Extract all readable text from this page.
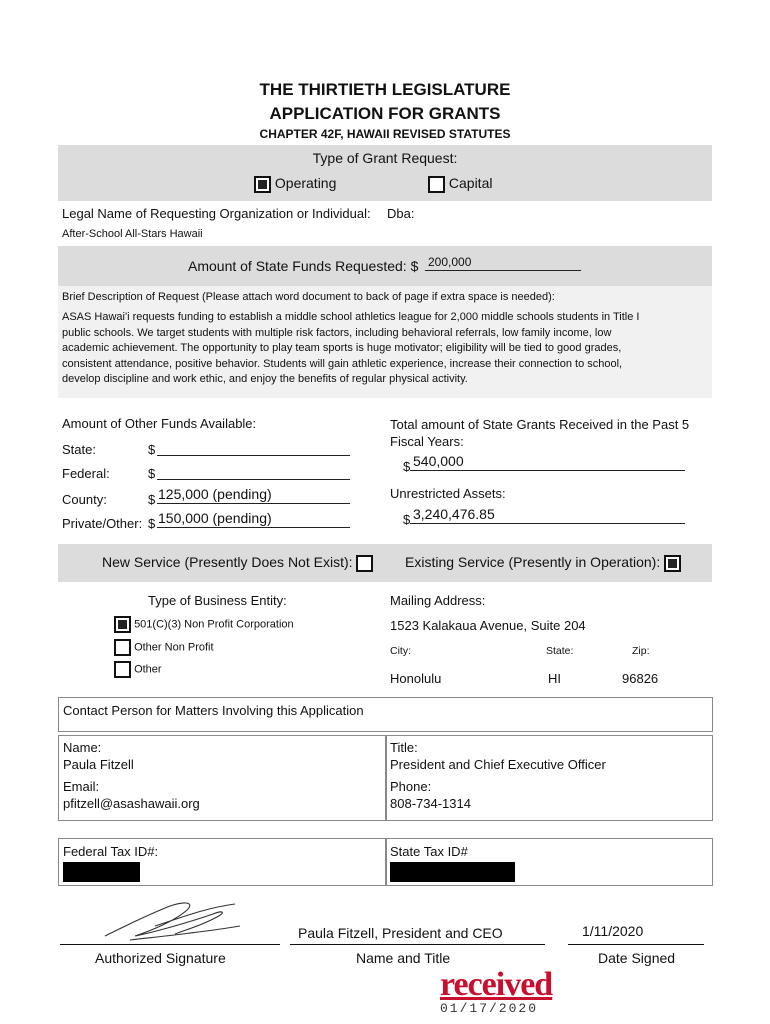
THE THIRTIETH LEGISLATURE
APPLICATION FOR GRANTS
CHAPTER 42F, HAWAII REVISED STATUTES
Type of Grant Request:
Operating	Capital
Legal Name of Requesting Organization or Individual: Dba:
After-School All-Stars Hawaii
Amount of State Funds Requested: $ 200,000
Brief Description of Request (Please attach word document to back of page if extra space is needed):
ASAS Hawai'i requests funding to establish a middle school athletics league for 2,000 middle schools students in Title I
public schools. We target students with multiple risk factors, including behavioral referrals, low family income, low
academic achievement. The opportunity to play team sports is huge motivator; eligibility will be tied to good grades,
consistent attendance, positive behavior. Students will gain athletic experience, increase their connection to school,
develop discipline and work ethic, and enjoy the benefits of regular physical activity.
Amount of Other Funds Available:
State:	$
Federal:	$
County:	$ 125,000 (pending)
Private/Other: $ 150,000 (pending)
Total amount of State Grants Received in the Past 5
Fiscal Years:
$ 540,000
Unrestricted Assets:
$ 3,240,476.85
New Service (Presently Does Not Exist):	Existing Service (Presently in Operation):
Type of Business Entity:
501(C)(3) Non Profit Corporation
Other Non Profit
Other
Mailing Address:
1523 Kalakaua Avenue, Suite 204
City:	State:	Zip:
Honolulu	HI	96826
Contact Person for Matters Involving this Application
Name:
Paula Fitzell
Email:
pfitzell@asashawaii.org
Title:
President and Chief Executive Officer
Phone:
808-734-1314
Federal Tax ID#:	State Tax ID#
Authorized Signature
Paula Fitzell, President and CEO
Name and Title
1/11/2020
Date Signed
received
01/17/2020
